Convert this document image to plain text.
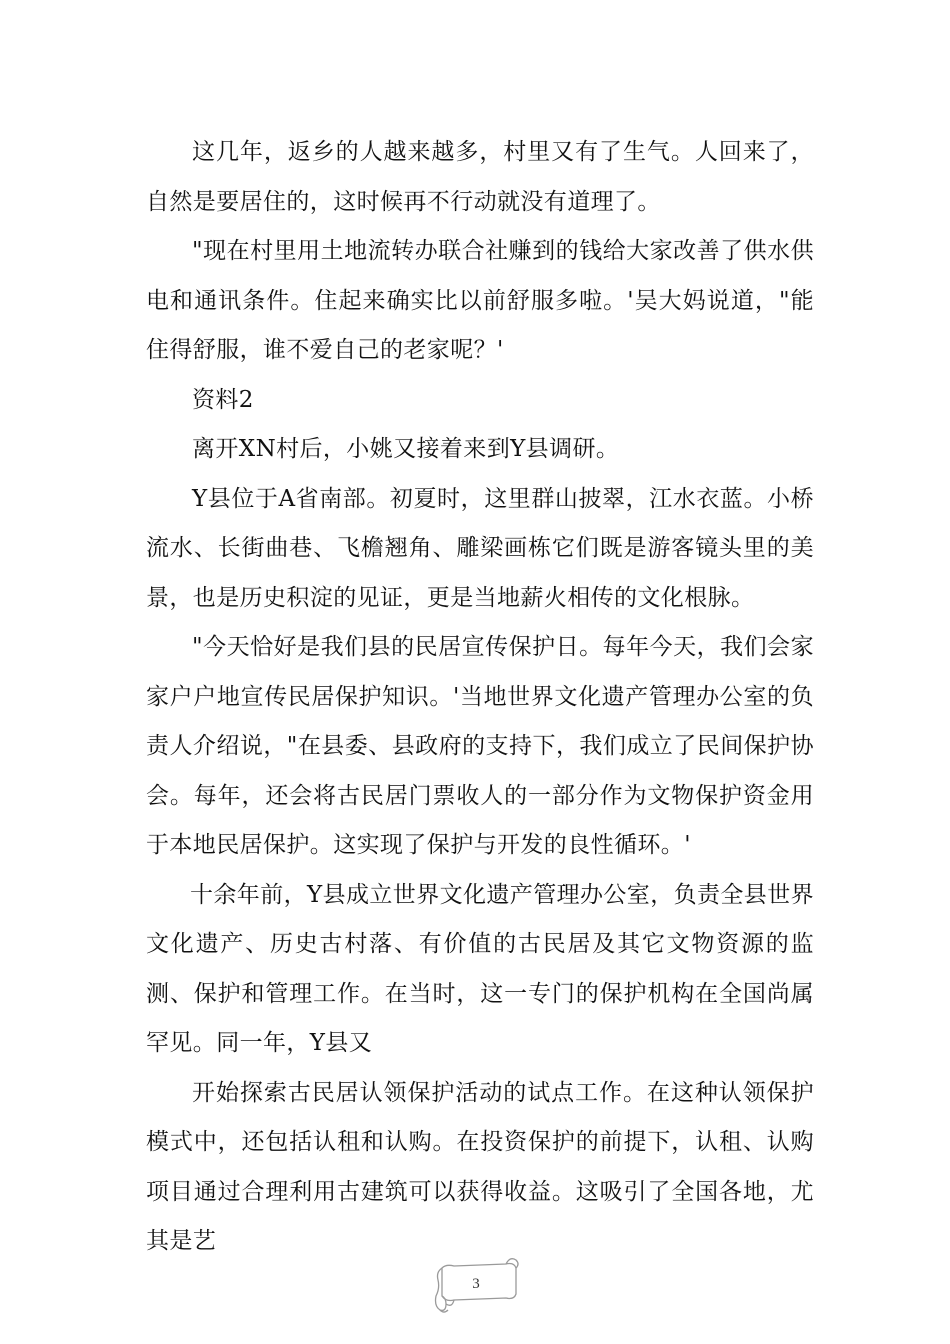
这几年，返乡的人越来越多，村里又有了生气。人回来了，自然是要居住的，这时候再不行动就没有道理了。

"现在村里用土地流转办联合社赚到的钱给大家改善了供水供电和通讯条件。住起来确实比以前舒服多啦。'吴大妈说道，"能住得舒服，谁不爱自己的老家呢？'

资料2

离开XN村后，小姚又接着来到Y县调研。

Y县位于A省南部。初夏时，这里群山披翠，江水衣蓝。小桥流水、长街曲巷、飞檐翘角、雕梁画栋它们既是游客镜头里的美景，也是历史积淀的见证，更是当地薪火相传的文化根脉。

"今天恰好是我们县的民居宣传保护日。每年今天，我们会家家户户地宣传民居保护知识。'当地世界文化遗产管理办公室的负责人介绍说，"在县委、县政府的支持下，我们成立了民间保护协会。每年，还会将古民居门票收人的一部分作为文物保护资金用于本地民居保护。这实现了保护与开发的良性循环。'

十余年前，Y县成立世界文化遗产管理办公室，负责全县世界文化遗产、历史古村落、有价值的古民居及其它文物资源的监测、保护和管理工作。在当时，这一专门的保护机构在全国尚属罕见。同一年，Y县又

开始探索古民居认领保护活动的试点工作。在这种认领保护模式中，还包括认租和认购。在投资保护的前提下，认租、认购项目通过合理利用古建筑可以获得收益。这吸引了全国各地，尤其是艺

3
